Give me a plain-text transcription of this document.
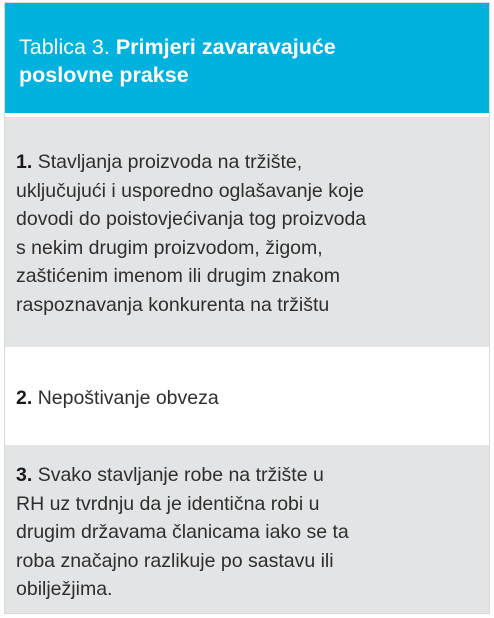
Tablica 3. Primjeri zavaravajuće
poslovne prakse
1. Stavljanja proizvoda na tržište,
uključujući i usporedno oglašavanje koje
dovodi do poistovjećivanja tog proizvoda
s nekim drugim proizvodom, žigom,
zaštićenim imenom ili drugim znakom
raspoznavanja konkurenta na tržištu
2. Nepoštivanje obveza
3. Svako stavljanje robe na tržište u
RH uz tvrdnju da je identična robi u
drugim državama članicama iako se ta
roba značajno razlikuje po sastavu ili
obilježjima.
